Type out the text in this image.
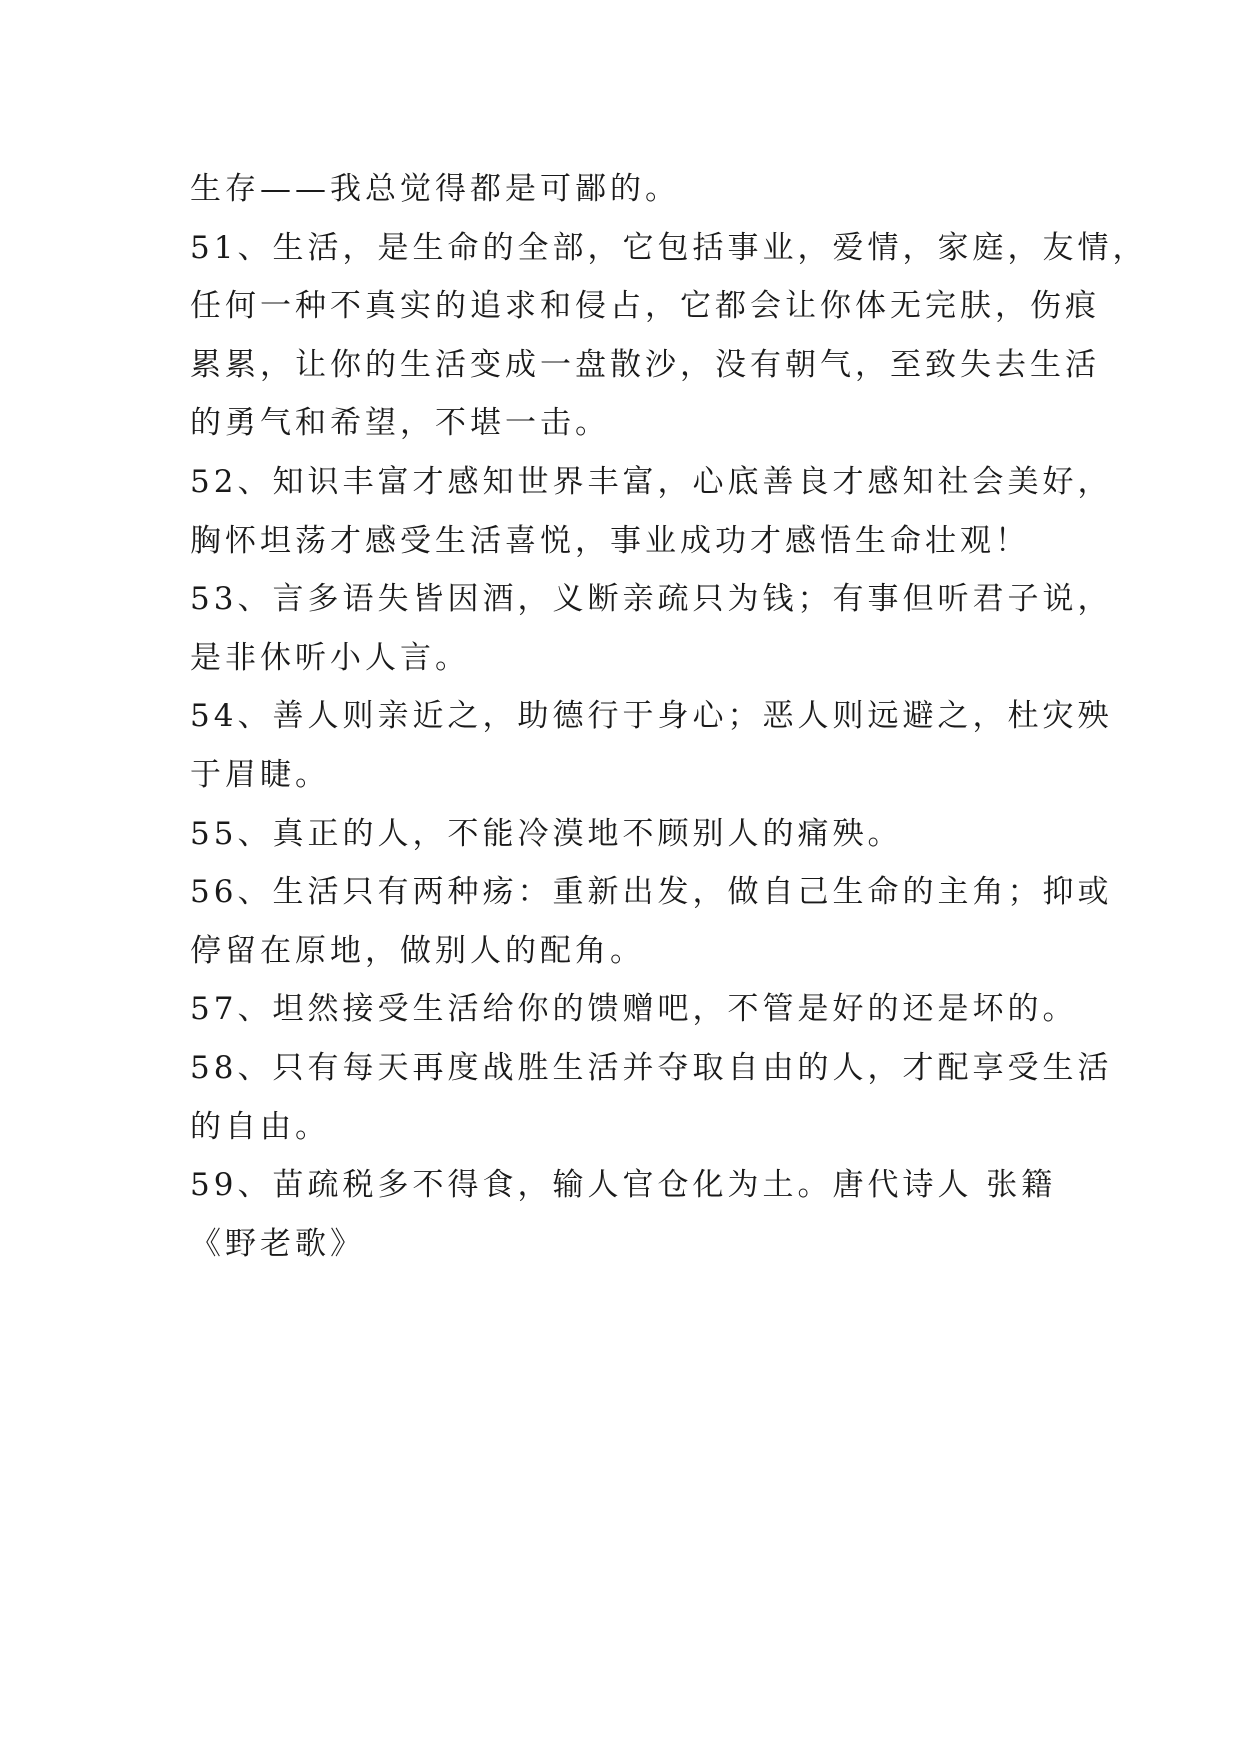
生存——我总觉得都是可鄙的。
51、生活，是生命的全部，它包括事业，爱情，家庭，友情，
任何一种不真实的追求和侵占，它都会让你体无完肤，伤痕
累累，让你的生活变成一盘散沙，没有朝气，至致失去生活
的勇气和希望，不堪一击。
52、知识丰富才感知世界丰富，心底善良才感知社会美好，
胸怀坦荡才感受生活喜悦，事业成功才感悟生命壮观！
53、言多语失皆因酒，义断亲疏只为钱；有事但听君子说，
是非休听小人言。
54、善人则亲近之，助德行于身心；恶人则远避之，杜灾殃
于眉睫。
55、真正的人，不能冷漠地不顾别人的痛殃。
56、生活只有两种疡：重新出发，做自己生命的主角；抑或
停留在原地，做别人的配角。
57、坦然接受生活给你的馈赠吧，不管是好的还是坏的。
58、只有每天再度战胜生活并夺取自由的人，才配享受生活
的自由。
59、苗疏税多不得食，输人官仓化为土。唐代诗人 张籍
《野老歌》
